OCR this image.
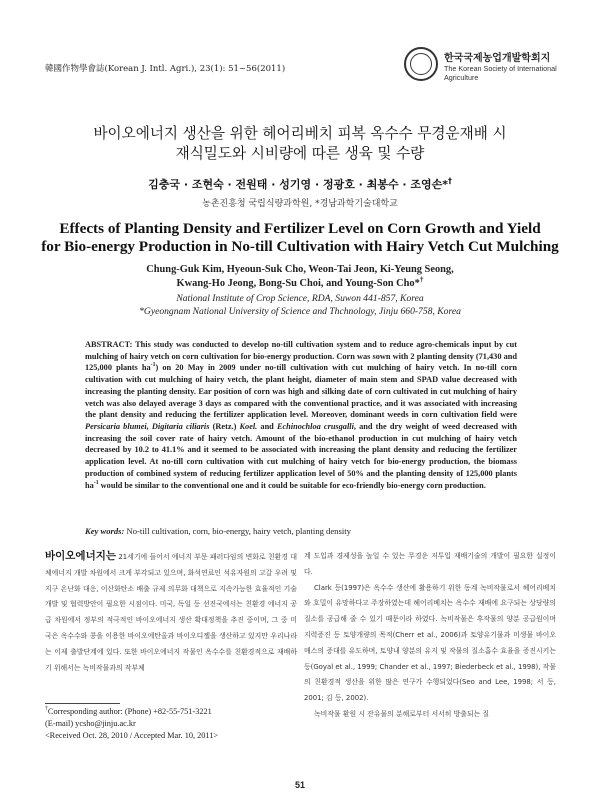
韓國作物學會誌(Korean J. Intl. Agri.), 23(1): 51~56(2011)
한국국제농업개발학회지
The Korean Society of International
Agriculture
바이오에너지 생산을 위한 헤어리베치 피복 옥수수 무경운재배 시
재식밀도와 시비량에 따른 생육 및 수량
김충국 · 조현숙 · 전원태 · 성기영 · 정광호 · 최봉수 · 조영손*†
농촌진흥청 국립식량과학원, *경남과학기술대학교
Effects of Planting Density and Fertilizer Level on Corn Growth and Yield
for Bio-energy Production in No-till Cultivation with Hairy Vetch Cut Mulching
Chung-Guk Kim, Hyeoun-Suk Cho, Weon-Tai Jeon, Ki-Yeung Seong,
Kwang-Ho Jeong, Bong-Su Choi, and Young-Son Cho*†
National Institute of Crop Science, RDA, Suwon 441-857, Korea
*Gyeongnam National University of Science and Thchnology, Jinju 660-758, Korea

ABSTRACT: This study was conducted to develop no-till cultivation system and to reduce agro-chemicals input by cut mulching of hairy vetch on corn cultivation for bio-energy production. Corn was sown with 2 planting density (71,430 and 125,000 plants $ha^{-1}$) on 20 May in 2009 under no-till cultivation with cut mulching of hairy vetch. In no-till corn cultivation with cut mulching of hairy vetch, the plant height, diameter of main stem and SPAD value decreased with increasing the planting density. Ear position of corn was high and silking date of corn cultivated in cut mulching of hairy vetch was also delayed average 3 days as compared with the conventional practice, and it was associated with increasing the plant density and reducing the fertilizer application level. Moreover, dominant weeds in corn cultivation field were Persicaria blumei, Digitaria ciliaris (Retz.) Koel. and Echinochloa crusgalli, and the dry weight of weed decreased with increasing the soil cover rate of hairy vetch. Amount of the bio-ethanol production in cut mulching of hairy vetch decreased by 10.2 to 41.1% and it seemed to be associated with increasing the plant density and reducing the fertilizer application level. At no-till corn cultivation with cut mulching of hairy vetch for bio-energy production, the biomass production of combined system of reducing fertilizer application level of 50% and the planting density of 125,000 plants $ha^{-1}$ would be similar to the conventional one and it could be suitable for eco-friendly bio-energy corn production.

Key words: No-till cultivation, corn, bio-energy, hairy vetch, planting density

바이오에너지는 21세기에 들어서 에너지 부문 패러다임의 변화로 친환경 대체에너지 개발 차원에서 크게 부각되고 있으며, 화석연료인 석유자원의 고갈 우려 및 지구 온난화 대응, 이산화탄소 배출 규제 의무화 대책으로 지속가능한 효율적인 기술개발 및 협력방안이 필요한 시점이다. 미국, 독일 등 선진국에서는 친환경 에너지 공급 차원에서 정부의 적극적인 바이오에너지 생산 확대정책을 추진 중이며, 그 중 미국은 옥수수와 콩을 이용한 바이오에탄올과 바이오디젤을 생산하고 있지만 우리나라는 이제 출발단계에 있다. 또한 바이오에너지 작물인 옥수수를 친환경적으로 재배하기 위해서는 녹비작물과의 작부체

계 도입과 경제성을 높일 수 있는 무경운 저투입 재배기술의 개발이 필요한 실정이다.

Clark 등(1997)은 옥수수 생산에 활용하기 위한 동계 녹비작물로서 헤어리베치와 호밀이 유망하다고 주장하였는데 헤어리베치는 옥수수 재배에 요구되는 상당량의 질소를 공급해 줄 수 있기 때문이라 하였다. 녹비작물은 후작물의 양분 공급원이며 지력증진 등 토양개량의 목적(Cherr et al., 2006)과 토양유기물과 미생물 바이오매스의 증대를 유도하며, 토양내 양분의 유지 및 작물의 질소흡수 효율을 증진시키는 등(Goyal et al., 1999; Chander et al., 1997; Biederbeck et al., 1998), 작물의 친환경적 생산을 위한 많은 연구가 수행되었다(Seo and Lee, 1998; 서 등, 2001; 김 등, 2002).

녹비작물 환원 시 잔유물의 분해로부터 서서히 방출되는 질

†Corresponding author: (Phone) +82-55-751-3221
(E-mail) ycsho@jinju.ac.kr
<Received Oct. 28, 2010 / Accepted Mar. 10, 2011>
51
